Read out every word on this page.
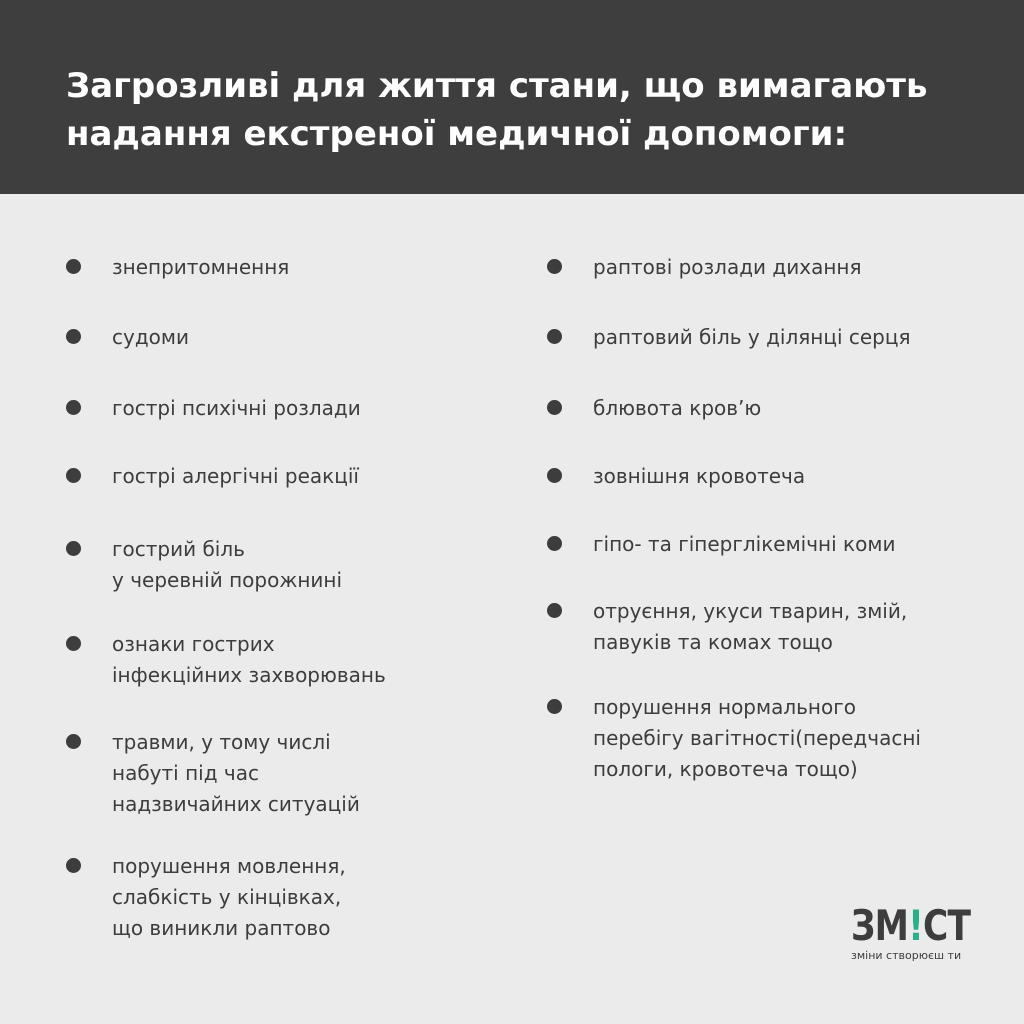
Загрозливі для життя стани, що вимагають
надання екстреної медичної допомоги:
знепритомнення
судоми
гострі психічні розлади
гострі алергічні реакції
гострий біль
у черевній порожнині
ознаки гострих
інфекційних захворювань
травми, у тому числі
набуті під час
надзвичайних ситуацій
порушення мовлення,
слабкість у кінцівках,
що виникли раптово
раптові розлади дихання
раптовий біль у ділянці серця
блювота кров’ю
зовнішня кровотеча
гіпо- та гіперглікемічні коми
отруєння, укуси тварин, змій,
павуків та комах тощо
порушення нормального
перебігу вагітності(передчасні
пологи, кровотеча тощо)
ЗМ!СТ
зміни створюєш ти
